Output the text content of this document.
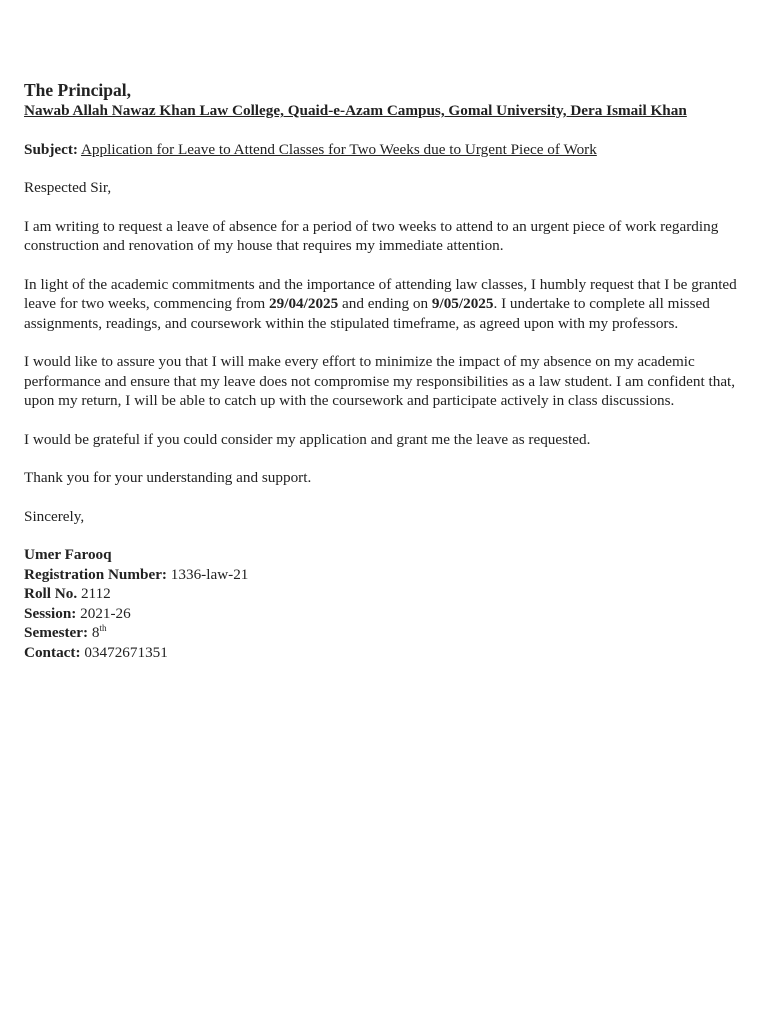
The Principal,
Nawab Allah Nawaz Khan Law College, Quaid-e-Azam Campus, Gomal University, Dera Ismail Khan
Subject: Application for Leave to Attend Classes for Two Weeks due to Urgent Piece of Work

Respected Sir,

I am writing to request a leave of absence for a period of two weeks to attend to an urgent piece of work regarding construction and renovation of my house that requires my immediate attention.

In light of the academic commitments and the importance of attending law classes, I humbly request that I be granted leave for two weeks, commencing from 29/04/2025 and ending on 9/05/2025. I undertake to complete all missed assignments, readings, and coursework within the stipulated timeframe, as agreed upon with my professors.

I would like to assure you that I will make every effort to minimize the impact of my absence on my academic performance and ensure that my leave does not compromise my responsibilities as a law student. I am confident that, upon my return, I will be able to catch up with the coursework and participate actively in class discussions.

I would be grateful if you could consider my application and grant me the leave as requested.

Thank you for your understanding and support.

Sincerely,

Umer Farooq

Registration Number: 1336-law-21

Roll No. 2112

Session: 2021-26

Semester: 8th

Contact: 03472671351
